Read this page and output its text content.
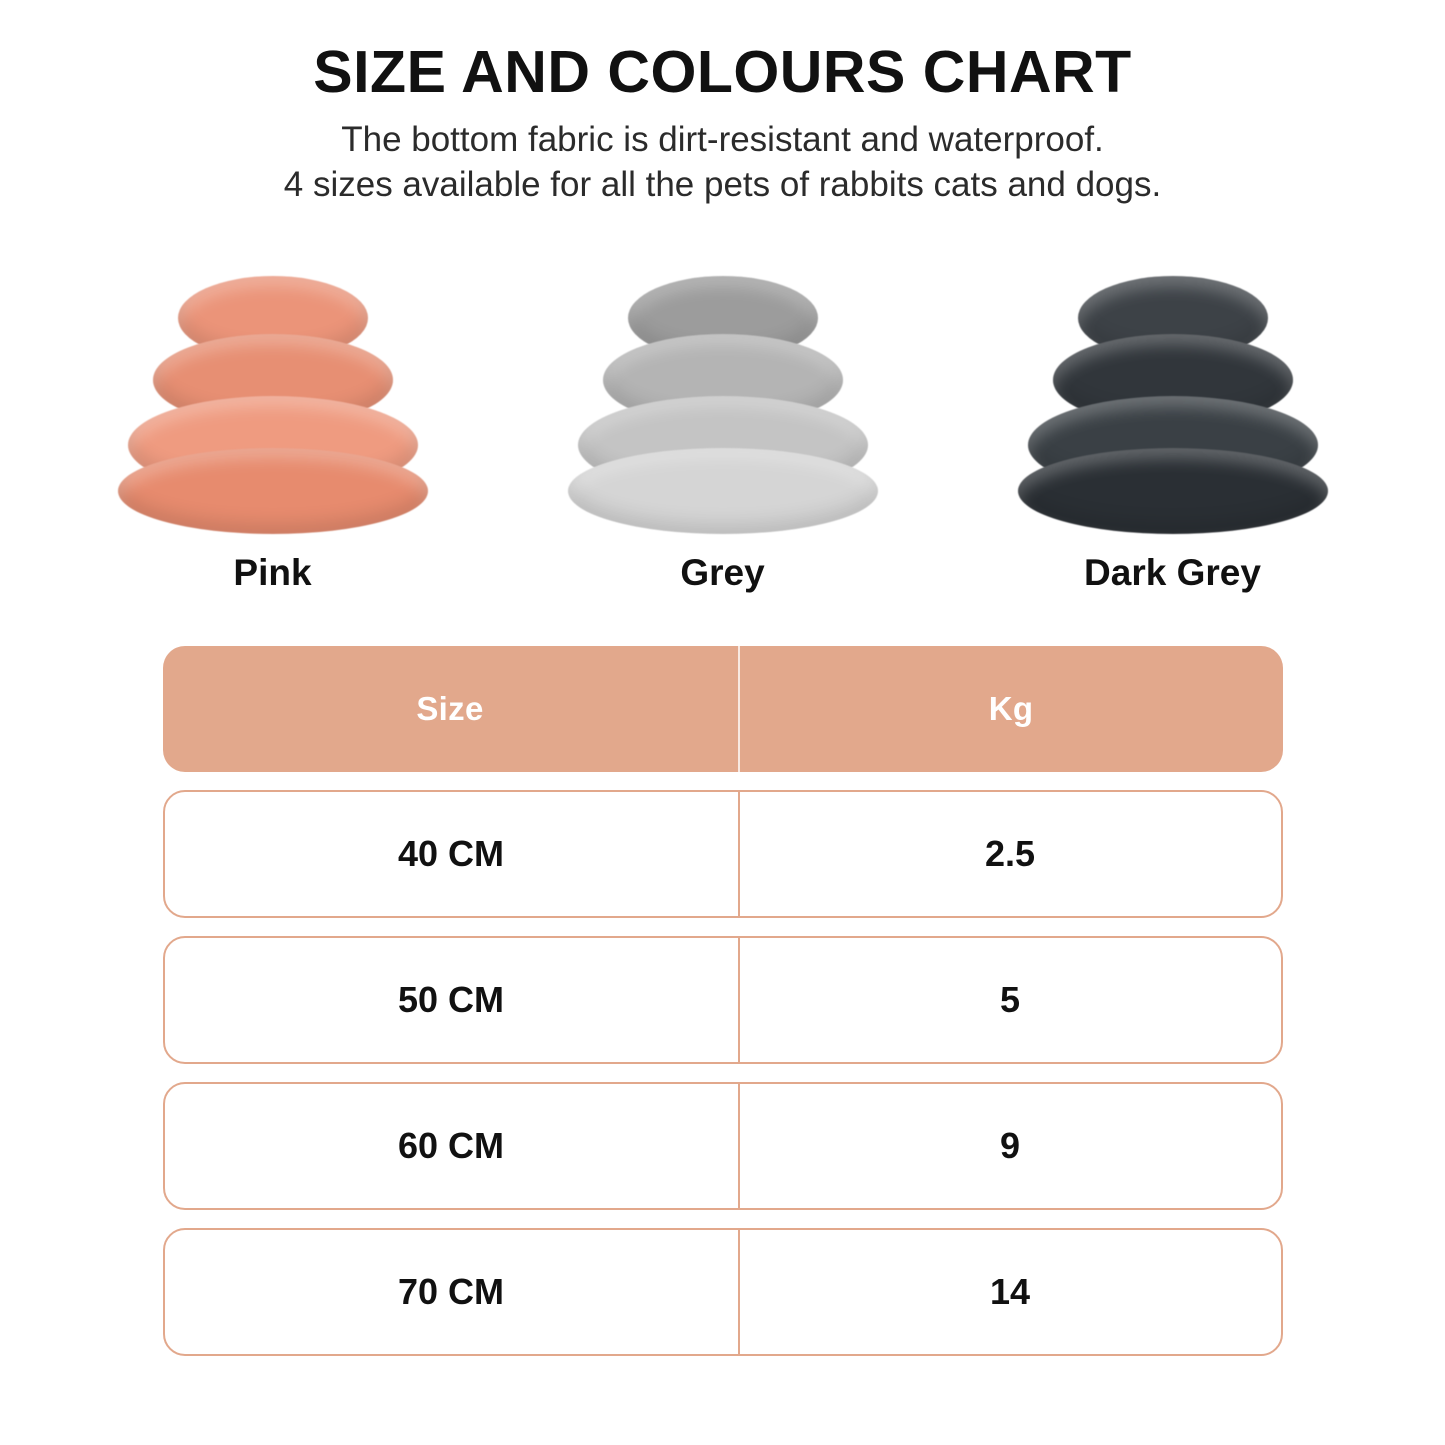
SIZE AND COLOURS CHART

The bottom fabric is dirt-resistant and waterproof.

4 sizes available for all the pets of rabbits cats and dogs.

Pink	Grey	Dark Grey
Size	Kg
40 CM	2.5
50 CM	5
60 CM	9
70 CM	14
